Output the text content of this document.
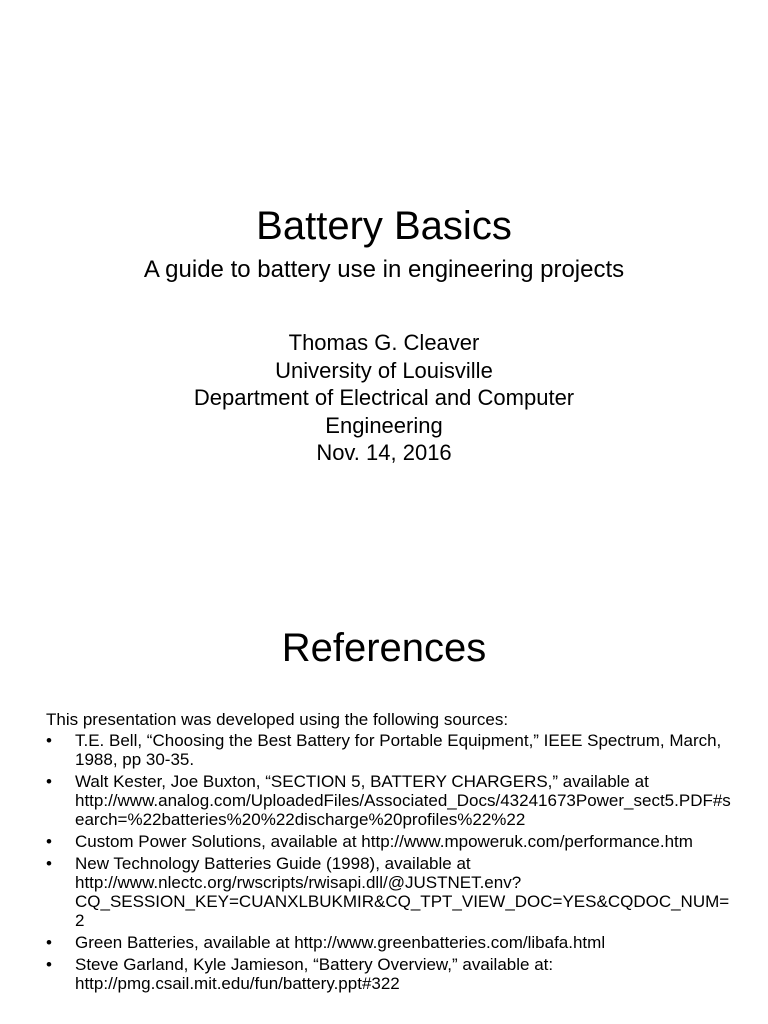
Battery Basics
A guide to battery use in engineering projects
Thomas G. Cleaver
University of Louisville
Department of Electrical and Computer
Engineering
Nov. 14, 2016
References
This presentation was developed using the following sources:
• T.E. Bell, “Choosing the Best Battery for Portable Equipment,” IEEE Spectrum, March, 1988, pp 30-35.
• Walt Kester, Joe Buxton, “SECTION 5, BATTERY CHARGERS,” available at http://www.analog.com/UploadedFiles/Associated_Docs/43241673Power_sect5.PDF#search=%22batteries%20%22discharge%20profiles%22%22
• Custom Power Solutions, available at http://www.mpoweruk.com/performance.htm
• New Technology Batteries Guide (1998), available at http://www.nlectc.org/rwscripts/rwisapi.dll/@JUSTNET.env?CQ_SESSION_KEY=CUANXLBUKMIR&CQ_TPT_VIEW_DOC=YES&CQDOC_NUM=2
• Green Batteries, available at http://www.greenbatteries.com/libafa.html
• Steve Garland, Kyle Jamieson, “Battery Overview,” available at: http://pmg.csail.mit.edu/fun/battery.ppt#322
